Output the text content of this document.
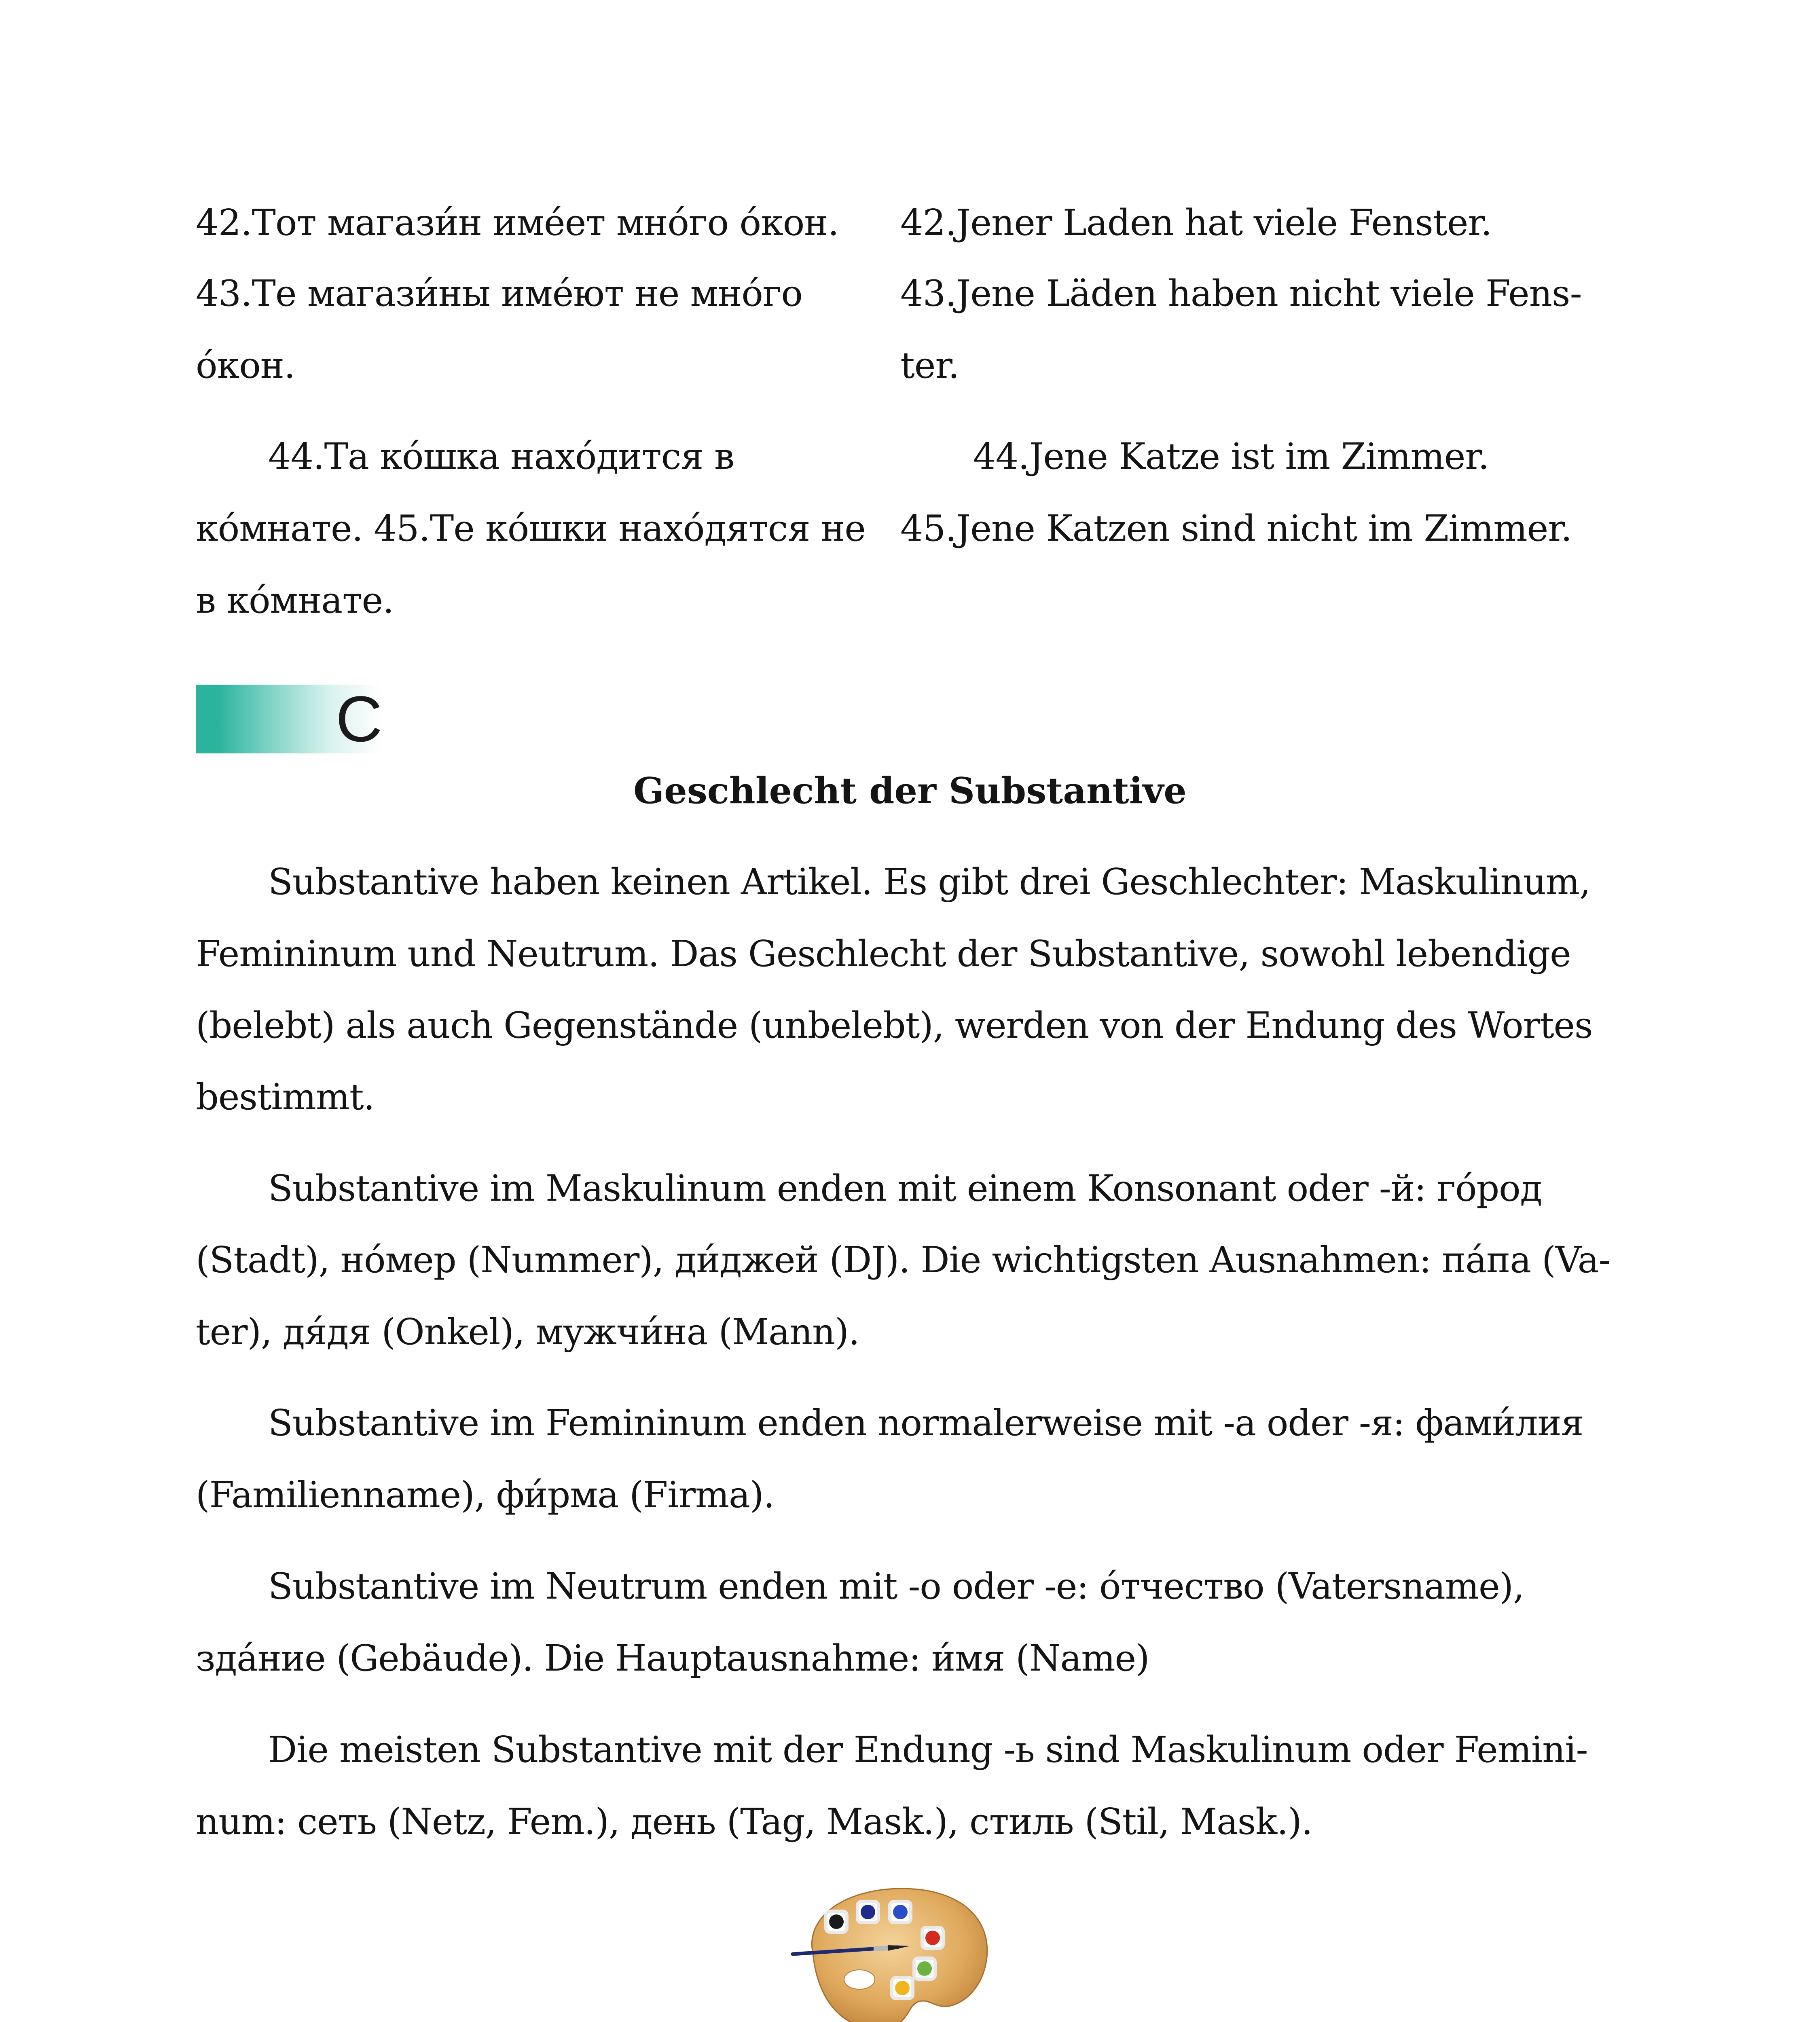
42.Тот магази́н име́ет мно́го о́кон.	42.Jener Laden hat viele Fenster.
43.Те магази́ны име́ют не мно́го
о́кон.
43.Jene Läden haben nicht viele Fens-
ter.
44.Та ко́шка нахо́дится в
ко́мнате. 45.Те ко́шки нахо́дятся не
в ко́мнате.
44.Jene Katze ist im Zimmer.
45.Jene Katzen sind nicht im Zimmer.
C
Geschlecht der Substantive
Substantive haben keinen Artikel. Es gibt drei Geschlechter: Maskulinum,
Femininum und Neutrum. Das Geschlecht der Substantive, sowohl lebendige
(belebt) als auch Gegenstände (unbelebt), werden von der Endung des Wortes
bestimmt.
Substantive im Maskulinum enden mit einem Konsonant oder -й: го́род
(Stadt), но́мер (Nummer), ди́джей (DJ). Die wichtigsten Ausnahmen: па́па (Va-
ter), дя́дя (Onkel), мужчи́на (Mann).
Substantive im Femininum enden normalerweise mit -а oder -я: фами́лия
(Familienname), фи́рма (Firma).
Substantive im Neutrum enden mit -о oder -е: о́тчество (Vatersname),
зда́ние (Gebäude). Die Hauptausnahme: и́мя (Name)
Die meisten Substantive mit der Endung -ь sind Maskulinum oder Femini-
num: сеть (Netz, Fem.), день (Tag, Mask.), стиль (Stil, Mask.).
